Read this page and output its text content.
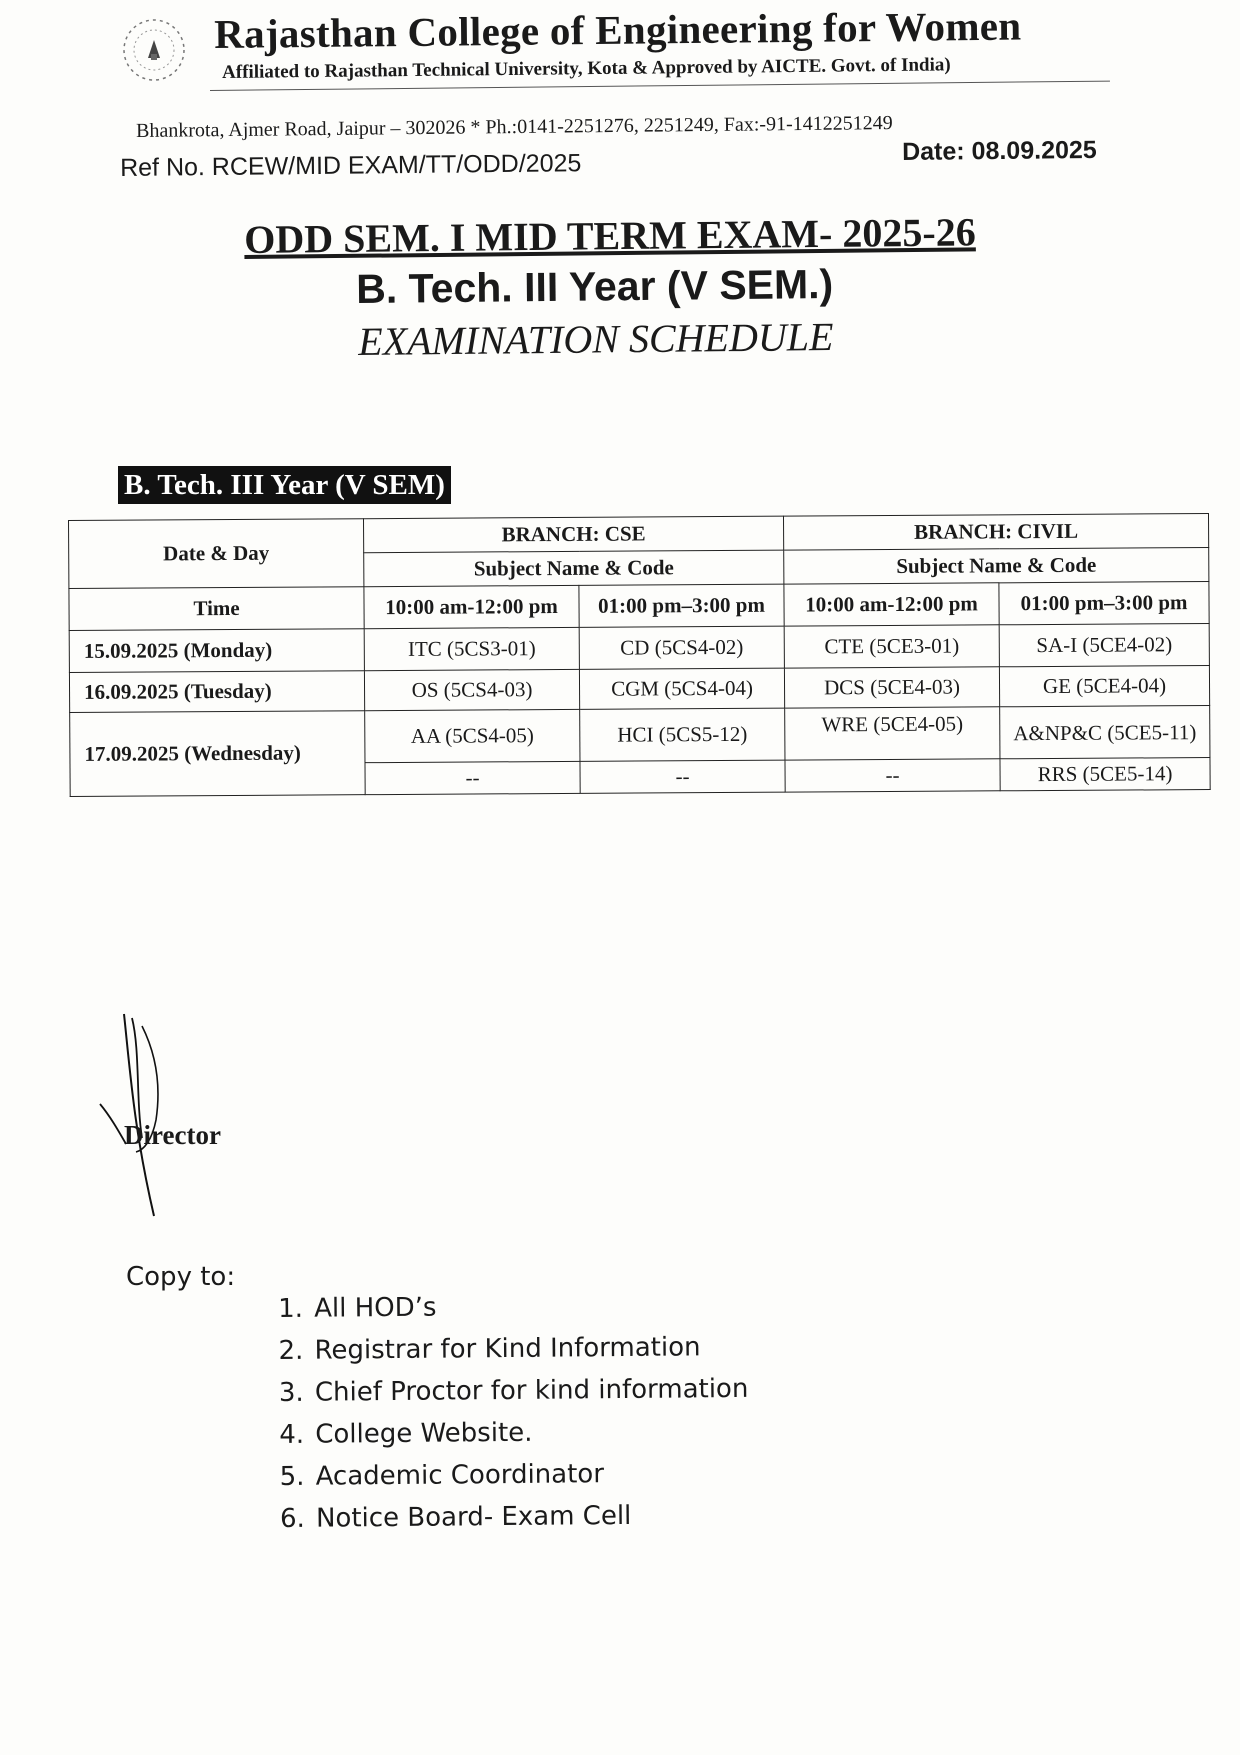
Rajasthan College of Engineering for Women
Affiliated to Rajasthan Technical University, Kota & Approved by AICTE. Govt. of India)
Bhankrota, Ajmer Road, Jaipur – 302026 * Ph.:0141-2251276, 2251249, Fax:-91-1412251249
Ref No. RCEW/MID EXAM/TT/ODD/2025	Date: 08.09.2025
ODD SEM. I MID TERM EXAM- 2025-26
B. Tech. III Year (V SEM.)
EXAMINATION SCHEDULE
B. Tech. III Year (V SEM)
Date & Day	BRANCH: CSE		BRANCH: CIVIL	
	Subject Name & Code		Subject Name & Code	
Time	10:00 am-12:00 pm	01:00 pm–3:00 pm	10:00 am-12:00 pm	01:00 pm–3:00 pm
15.09.2025 (Monday)	ITC (5CS3-01)	CD (5CS4-02)	CTE (5CE3-01)	SA-I (5CE4-02)
16.09.2025 (Tuesday)	OS (5CS4-03)	CGM (5CS4-04)	DCS (5CE4-03)	GE (5CE4-04)
17.09.2025 (Wednesday)	AA (5CS4-05)	HCI (5CS5-12)	WRE (5CE4-05)	A&NP&C (5CE5-11)
	--	--	--	RRS (5CE5-14)
Director
Copy to:
1. All HOD’s
2. Registrar for Kind Information
3. Chief Proctor for kind information
4. College Website.
5. Academic Coordinator
6. Notice Board- Exam Cell
